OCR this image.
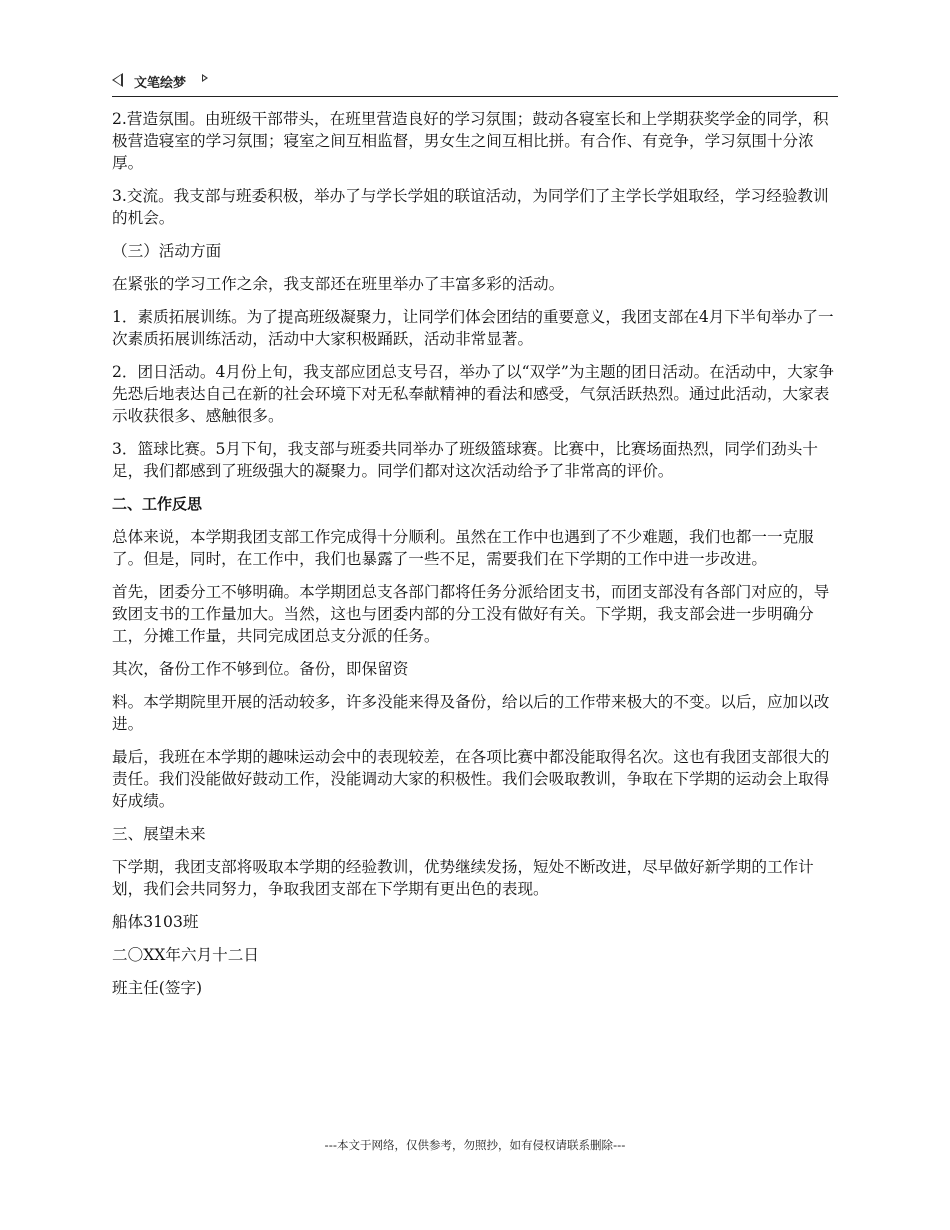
文笔绘梦

2.营造氛围。由班级干部带头，在班里营造良好的学习氛围；鼓动各寝室长和上学期获奖学金的同学，积极营造寝室的学习氛围；寝室之间互相监督，男女生之间互相比拼。有合作、有竞争，学习氛围十分浓厚。

3.交流。我支部与班委积极，举办了与学长学姐的联谊活动，为同学们了主学长学姐取经，学习经验教训的机会。

（三）活动方面

在紧张的学习工作之余，我支部还在班里举办了丰富多彩的活动。

1．素质拓展训练。为了提高班级凝聚力，让同学们体会团结的重要意义，我团支部在4月下半旬举办了一次素质拓展训练活动，活动中大家积极踊跃，活动非常显著。

2．团日活动。4月份上旬，我支部应团总支号召，举办了以“双学”为主题的团日活动。在活动中，大家争先恐后地表达自己在新的社会环境下对无私奉献精神的看法和感受，气氛活跃热烈。通过此活动，大家表示收获很多、感触很多。

3．篮球比赛。5月下旬，我支部与班委共同举办了班级篮球赛。比赛中，比赛场面热烈，同学们劲头十足，我们都感到了班级强大的凝聚力。同学们都对这次活动给予了非常高的评价。

二、工作反思

总体来说，本学期我团支部工作完成得十分顺利。虽然在工作中也遇到了不少难题，我们也都一一克服了。但是，同时，在工作中，我们也暴露了一些不足，需要我们在下学期的工作中进一步改进。

首先，团委分工不够明确。本学期团总支各部门都将任务分派给团支书，而团支部没有各部门对应的，导致团支书的工作量加大。当然，这也与团委内部的分工没有做好有关。下学期，我支部会进一步明确分工，分摊工作量，共同完成团总支分派的任务。

其次，备份工作不够到位。备份，即保留资

料。本学期院里开展的活动较多，许多没能来得及备份，给以后的工作带来极大的不变。以后，应加以改进。

最后，我班在本学期的趣味运动会中的表现较差，在各项比赛中都没能取得名次。这也有我团支部很大的责任。我们没能做好鼓动工作，没能调动大家的积极性。我们会吸取教训，争取在下学期的运动会上取得好成绩。

三、展望未来

下学期，我团支部将吸取本学期的经验教训，优势继续发扬，短处不断改进，尽早做好新学期的工作计划，我们会共同努力，争取我团支部在下学期有更出色的表现。

船体3103班

二〇XX年六月十二日

班主任(签字)

---本文于网络，仅供参考，勿照抄，如有侵权请联系删除---
